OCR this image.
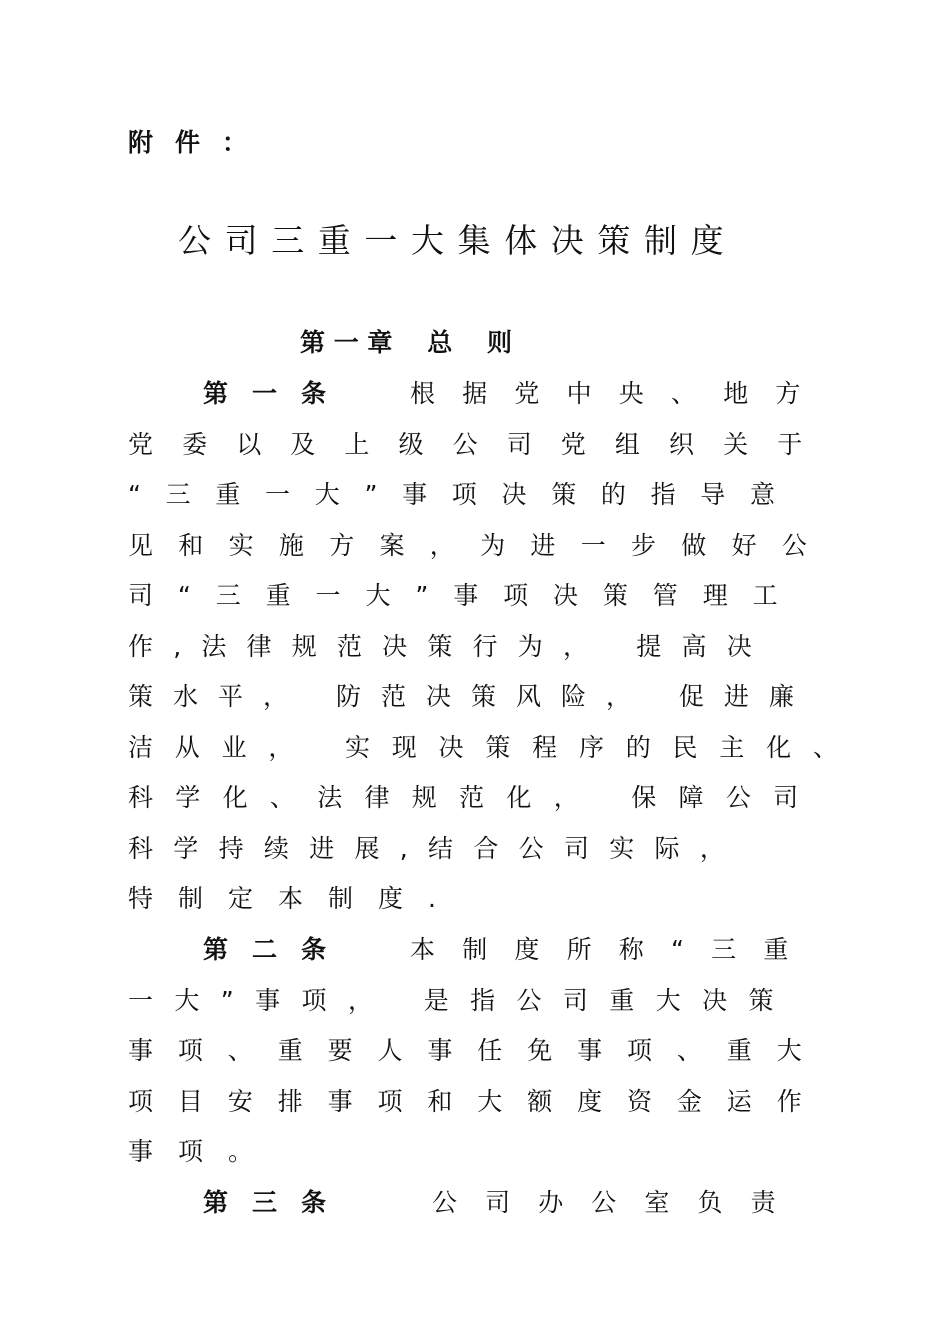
附件：
公司三重一大集体决策制度
第 一 章    总    则
第一条 根据党中央、地方
党委以及上级公司党组织关于
“三重一大”事项决策的指导意
见和实施方案，为进一步做好公
司“三重一大”事项决策管理工
作,法律规范决策行为， 提高决
策水平， 防范决策风险， 促进廉
洁从业， 实现决策程序的民主化、
科学化、法律规范化， 保障公司
科学持续进展,结合公司实际，
特制定本制度.
第二条 本制度所称“三重
一大”事项， 是指公司重大决策
事项、重要人事任免事项、重大
项目安排事项和大额度资金运作
事项。
第三条	公司办公室负责
